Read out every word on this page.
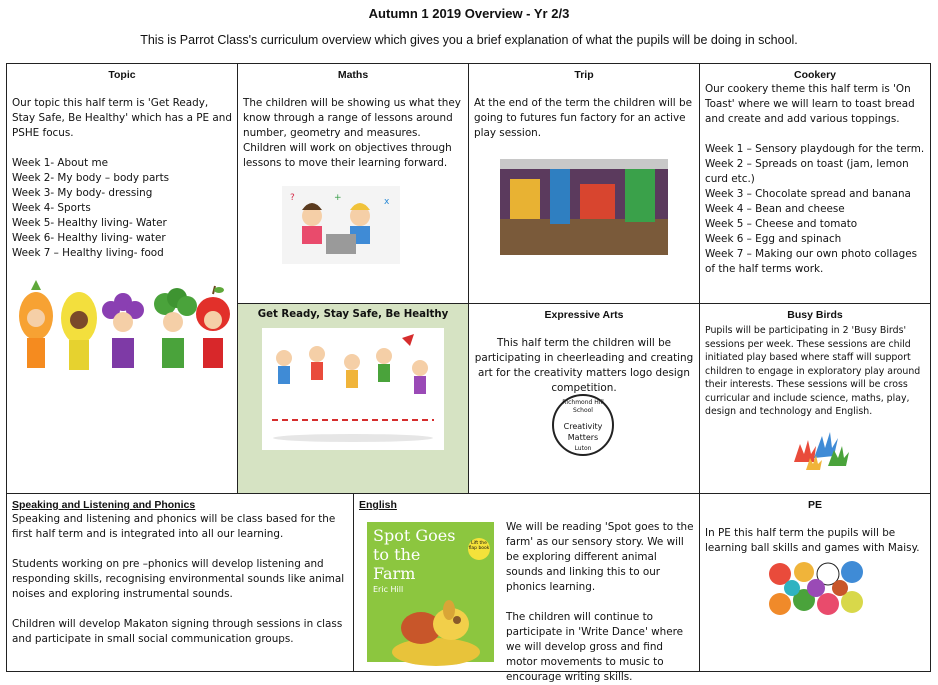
Autumn 1 2019 Overview - Yr 2/3
This is Parrot Class's curriculum overview which gives you a brief explanation of what the pupils will be doing in school.
Topic

Our topic this half term is 'Get Ready, Stay Safe, Be Healthy' which has a PE and PSHE focus.

Week 1- About me

Week 2- My body – body parts

Week 3- My body- dressing

Week 4- Sports

Week 5- Healthy living- Water

Week 6- Healthy living- water

Week 7 – Healthy living- food

Maths

The children will be showing us what they know through a range of lessons around number, geometry and measures. Children will work on objectives through lessons to move their learning forward.

?	x
+
Trip

At the end of the term the children will be going to futures fun factory for an active play session.

Cookery

Our cookery theme this half term is 'On Toast' where we will learn to toast bread and create and add various toppings.

Week 1 – Sensory playdough for the term.

Week 2 – Spreads on toast (jam, lemon curd etc.)

Week 3 – Chocolate spread and banana

Week 4 – Bean and cheese

Week 5 – Cheese and tomato

Week 6 – Egg and spinach

Week 7 – Making our own photo collages of the half terms work.

Get Ready, Stay Safe, Be Healthy	Expressive Arts

This half term the children will be participating in cheerleading and creating art for the creativity matters logo design competition.

Richmond Hill School
Creativity
Matters
Luton
Busy Birds

Pupils will be participating in 2 'Busy Birds' sessions per week. These sessions are child initiated play based where staff will support children to engage in exploratory play around their interests. These sessions will be cross curricular and include science, maths, play, design and technology and English.

Speaking and Listening and Phonics

Speaking and listening and phonics will be class based for the first half term and is integrated into all our learning.

Students working on pre –phonics will develop listening and responding skills, recognising environmental sounds like animal noises and exploring instrumental sounds.

Children will develop Makaton signing through sessions in class and participate in small social communication groups.

English
Spot Goes to the Farm
Eric Hill
Lift the flap book

We will be reading 'Spot goes to the farm' as our sensory story. We will be exploring different animal sounds and linking this to our phonics learning.

The children will continue to participate in 'Write Dance' where we will develop gross and find motor movements to music to encourage writing skills.

PE

In PE this half term the pupils will be learning ball skills and games with Maisy.
